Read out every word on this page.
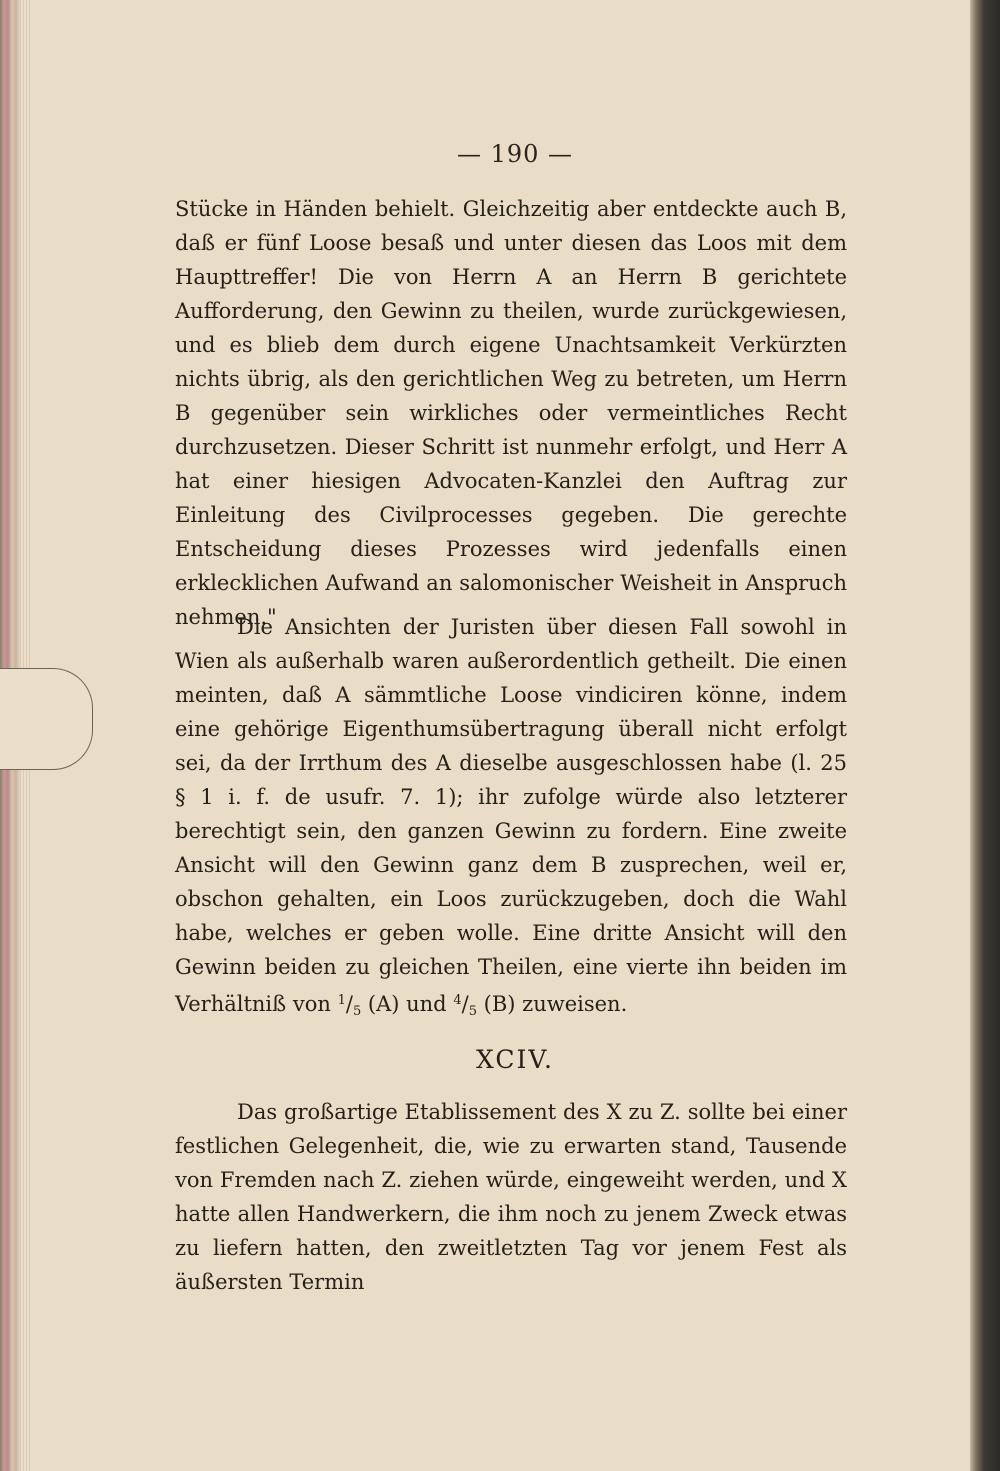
— 190 —

Stücke in Händen behielt. Gleichzeitig aber entdeckte auch B, daß er fünf Loose besaß und unter diesen das Loos mit dem Haupttreffer! Die von Herrn A an Herrn B gerichtete Aufforderung, den Gewinn zu theilen, wurde zurückgewiesen, und es blieb dem durch eigene Unachtsamkeit Verkürzten nichts übrig, als den gerichtlichen Weg zu betreten, um Herrn B gegenüber sein wirkliches oder vermeintliches Recht durchzusetzen. Dieser Schritt ist nunmehr erfolgt, und Herr A hat einer hiesigen Advocaten-Kanzlei den Auftrag zur Einleitung des Civilprocesses gegeben. Die gerechte Entscheidung dieses Prozesses wird jedenfalls einen erklecklichen Aufwand an salomonischer Weisheit in Anspruch nehmen."

Die Ansichten der Juristen über diesen Fall sowohl in Wien als außerhalb waren außerordentlich getheilt. Die einen meinten, daß A sämmtliche Loose vindiciren könne, indem eine gehörige Eigenthumsübertragung überall nicht erfolgt sei, da der Irrthum des A dieselbe ausgeschlossen habe (l. 25 § 1 i. f. de usufr. 7. 1); ihr zufolge würde also letzterer berechtigt sein, den ganzen Gewinn zu fordern. Eine zweite Ansicht will den Gewinn ganz dem B zusprechen, weil er, obschon gehalten, ein Loos zurückzugeben, doch die Wahl habe, welches er geben wolle. Eine dritte Ansicht will den Gewinn beiden zu gleichen Theilen, eine vierte ihn beiden im Verhältniß von $^1/_5$ (A) und $^4/_5$ (B) zuweisen.

XCIV.

Das großartige Etablissement des X zu Z. sollte bei einer festlichen Gelegenheit, die, wie zu erwarten stand, Tausende von Fremden nach Z. ziehen würde, eingeweiht werden, und X hatte allen Handwerkern, die ihm noch zu jenem Zweck etwas zu liefern hatten, den zweitletzten Tag vor jenem Fest als äußersten Termin
